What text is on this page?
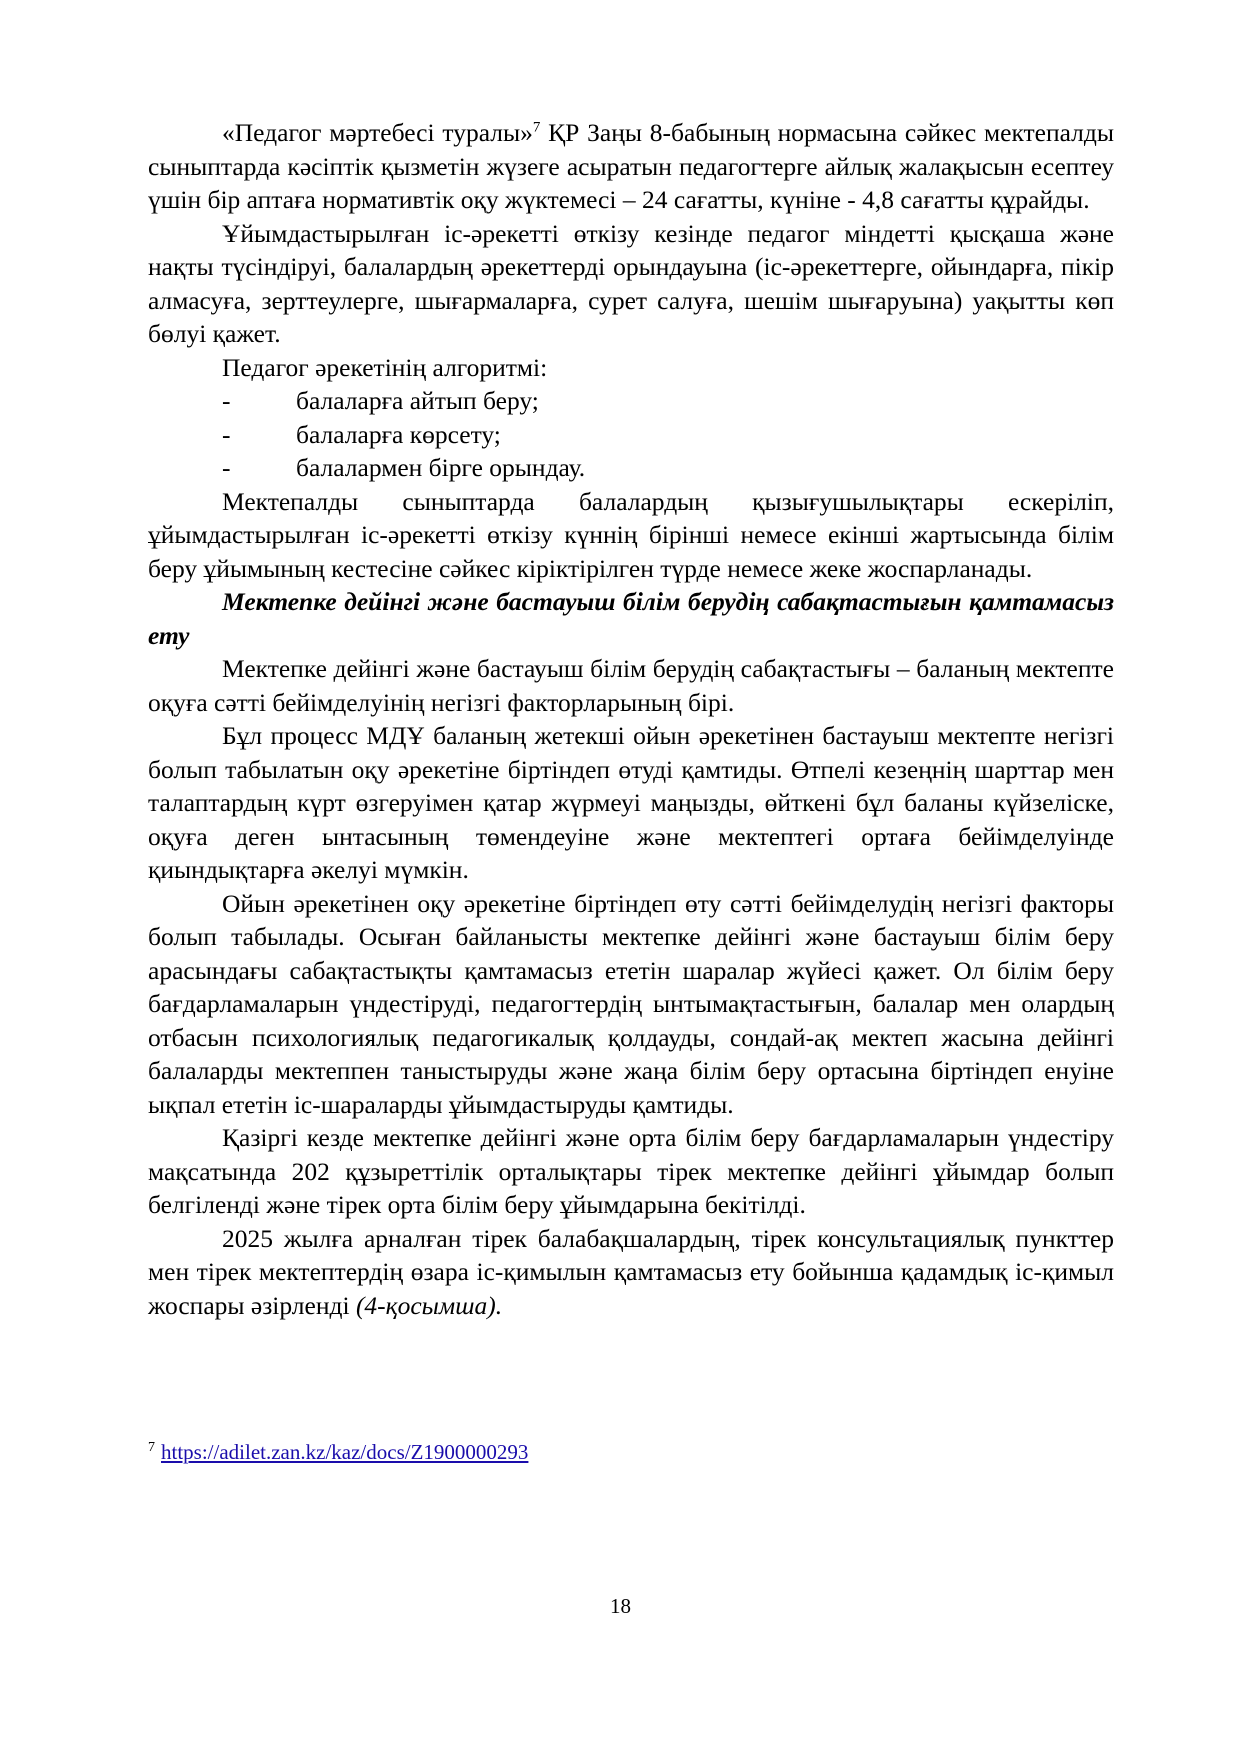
«Педагог мәртебесі туралы»$^7$ ҚР Заңы 8-бабының нормасына сәйкес мектепалды сыныптарда кәсіптік қызметін жүзеге асыратын педагогтерге айлық жалақысын есептеу үшін бір аптаға нормативтік оқу жүктемесі – 24 сағатты, күніне - 4,8 сағатты құрайды.

Ұйымдастырылған іс-әрекетті өткізу кезінде педагог міндетті қысқаша және нақты түсіндіруі, балалардың әрекеттерді орындауына (іс-әрекеттерге, ойындарға, пікір алмасуға, зерттеулерге, шығармаларға, сурет салуға, шешім шығаруына) уақытты көп бөлуі қажет.

Педагог әрекетінің алгоритмі:

-	балаларға айтып беру;
-	балаларға көрсету;
-	балалармен бірге орындау.

Мектепалды сыныптарда балалардың қызығушылықтары ескеріліп, ұйымдастырылған іс-әрекетті өткізу күннің бірінші немесе екінші жартысында білім беру ұйымының кестесіне сәйкес кіріктірілген түрде немесе жеке жоспарланады.

Мектепке дейінгі және бастауыш білім берудің сабақтастығын қамтамасыз ету

Мектепке дейінгі және бастауыш білім берудің сабақтастығы – баланың мектепте оқуға сәтті бейімделуінің негізгі факторларының бірі.

Бұл процесс МДҰ баланың жетекші ойын әрекетінен бастауыш мектепте негізгі болып табылатын оқу әрекетіне біртіндеп өтуді қамтиды. Өтпелі кезеңнің шарттар мен талаптардың күрт өзгеруімен қатар жүрмеуі маңызды, өйткені бұл баланы күйзеліске, оқуға деген ынтасының төмендеуіне және мектептегі ортаға бейімделуінде қиындықтарға әкелуі мүмкін.

Ойын әрекетінен оқу әрекетіне біртіндеп өту сәтті бейімделудің негізгі факторы болып табылады. Осыған байланысты мектепке дейінгі және бастауыш білім беру арасындағы сабақтастықты қамтамасыз ететін шаралар жүйесі қажет. Ол білім беру бағдарламаларын үндестіруді, педагогтердің ынтымақтастығын, балалар мен олардың отбасын психологиялық педагогикалық қолдауды, сондай-ақ мектеп жасына дейінгі балаларды мектеппен таныстыруды және жаңа білім беру ортасына біртіндеп енуіне ықпал ететін іс-шараларды ұйымдастыруды қамтиды.

Қазіргі кезде мектепке дейінгі және орта білім беру бағдарламаларын үндестіру мақсатында 202 құзыреттілік орталықтары тірек мектепке дейінгі ұйымдар болып белгіленді және тірек орта білім беру ұйымдарына бекітілді.

2025 жылға арналған тірек балабақшалардың, тірек консультациялық пункттер мен тірек мектептердің өзара іс-қимылын қамтамасыз ету бойынша қадамдық іс-қимыл жоспары әзірленді (4-қосымша).

$^7$ https://adilet.zan.kz/kaz/docs/Z1900000293

18
